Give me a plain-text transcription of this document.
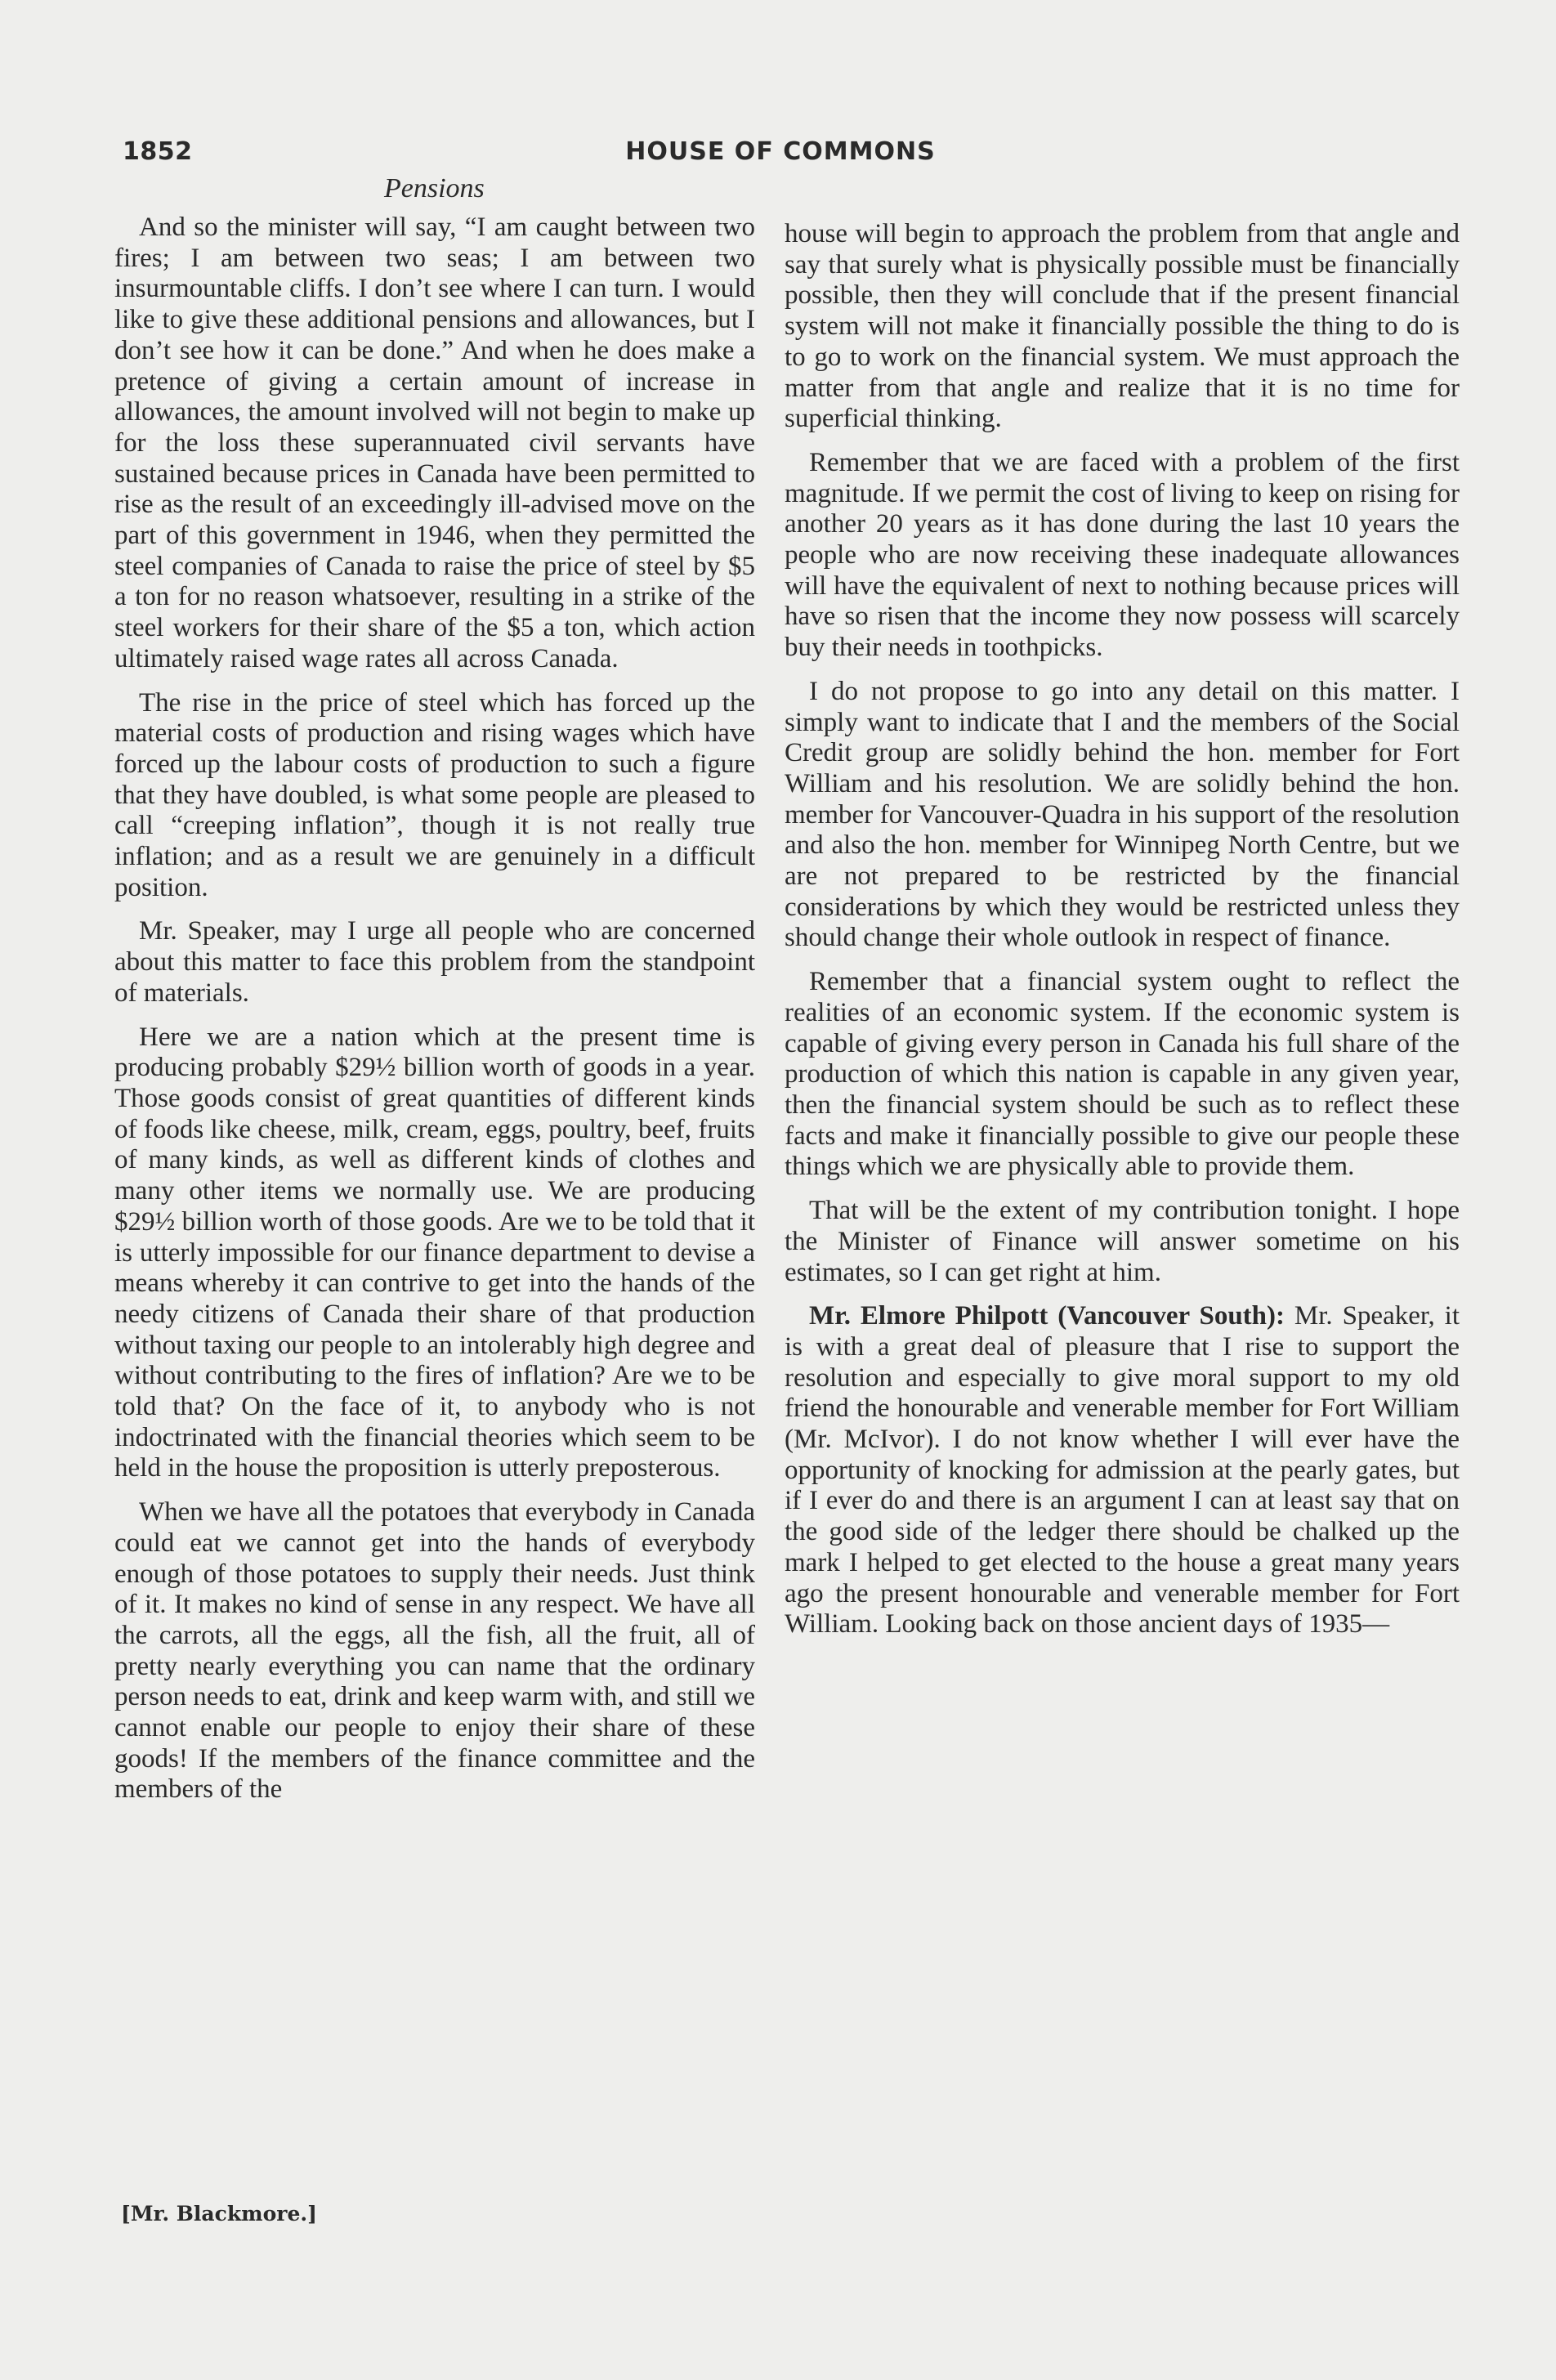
1852	HOUSE OF COMMONS
Pensions

And so the minister will say, “I am caught between two fires; I am between two seas; I am between two insurmountable cliffs. I don’t see where I can turn. I would like to give these additional pensions and allowances, but I don’t see how it can be done.” And when he does make a pretence of giving a certain amount of increase in allowances, the amount involved will not begin to make up for the loss these superannuated civil servants have sustained because prices in Canada have been permitted to rise as the result of an exceedingly ill-advised move on the part of this government in 1946, when they permitted the steel companies of Canada to raise the price of steel by $5 a ton for no reason whatsoever, resulting in a strike of the steel workers for their share of the $5 a ton, which action ultimately raised wage rates all across Canada.

The rise in the price of steel which has forced up the material costs of production and rising wages which have forced up the labour costs of production to such a figure that they have doubled, is what some people are pleased to call “creeping inflation”, though it is not really true inflation; and as a result we are genuinely in a difficult position.

Mr. Speaker, may I urge all people who are concerned about this matter to face this problem from the standpoint of materials.

Here we are a nation which at the present time is producing probably $29½ billion worth of goods in a year. Those goods consist of great quantities of different kinds of foods like cheese, milk, cream, eggs, poultry, beef, fruits of many kinds, as well as different kinds of clothes and many other items we normally use. We are producing $29½ billion worth of those goods. Are we to be told that it is utterly impossible for our finance department to devise a means whereby it can contrive to get into the hands of the needy citizens of Canada their share of that production without taxing our people to an intolerably high degree and without contributing to the fires of inflation? Are we to be told that? On the face of it, to anybody who is not indoctrinated with the financial theories which seem to be held in the house the proposition is utterly preposterous.

When we have all the potatoes that everybody in Canada could eat we cannot get into the hands of everybody enough of those potatoes to supply their needs. Just think of it. It makes no kind of sense in any respect. We have all the carrots, all the eggs, all the fish, all the fruit, all of pretty nearly everything you can name that the ordinary person needs to eat, drink and keep warm with, and still we cannot enable our people to enjoy their share of these goods! If the members of the finance committee and the members of the

house will begin to approach the problem from that angle and say that surely what is physically possible must be financially possible, then they will conclude that if the present financial system will not make it financially possible the thing to do is to go to work on the financial system. We must approach the matter from that angle and realize that it is no time for superficial thinking.

Remember that we are faced with a problem of the first magnitude. If we permit the cost of living to keep on rising for another 20 years as it has done during the last 10 years the people who are now receiving these inadequate allowances will have the equivalent of next to nothing because prices will have so risen that the income they now possess will scarcely buy their needs in toothpicks.

I do not propose to go into any detail on this matter. I simply want to indicate that I and the members of the Social Credit group are solidly behind the hon. member for Fort William and his resolution. We are solidly behind the hon. member for Vancouver-Quadra in his support of the resolution and also the hon. member for Winnipeg North Centre, but we are not prepared to be restricted by the financial considerations by which they would be restricted unless they should change their whole outlook in respect of finance.

Remember that a financial system ought to reflect the realities of an economic system. If the economic system is capable of giving every person in Canada his full share of the production of which this nation is capable in any given year, then the financial system should be such as to reflect these facts and make it financially possible to give our people these things which we are physically able to provide them.

That will be the extent of my contribution tonight. I hope the Minister of Finance will answer sometime on his estimates, so I can get right at him.

Mr. Elmore Philpott (Vancouver South): Mr. Speaker, it is with a great deal of pleasure that I rise to support the resolution and especially to give moral support to my old friend the honourable and venerable member for Fort William (Mr. McIvor). I do not know whether I will ever have the opportunity of knocking for admission at the pearly gates, but if I ever do and there is an argument I can at least say that on the good side of the ledger there should be chalked up the mark I helped to get elected to the house a great many years ago the present honourable and venerable member for Fort William. Looking back on those ancient days of 1935—

[Mr. Blackmore.]
